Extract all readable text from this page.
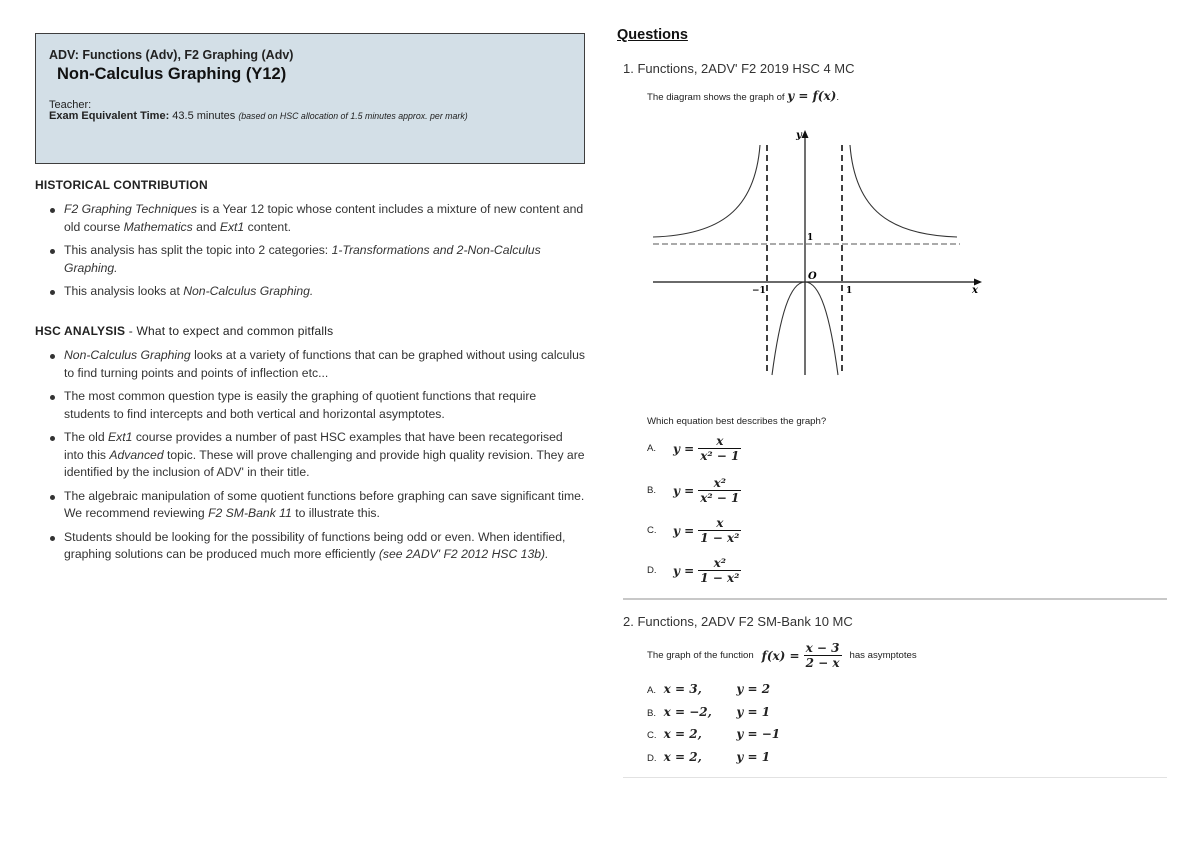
ADV: Functions (Adv), F2 Graphing (Adv)
Non-Calculus Graphing (Y12)
Teacher:
Exam Equivalent Time: 43.5 minutes (based on HSC allocation of 1.5 minutes approx. per mark)
HISTORICAL CONTRIBUTION
F2 Graphing Techniques is a Year 12 topic whose content includes a mixture of new content and old course Mathematics and Ext1 content.
This analysis has split the topic into 2 categories: 1-Transformations and 2-Non-Calculus Graphing.
This analysis looks at Non-Calculus Graphing.
HSC ANALYSIS - What to expect and common pitfalls
Non-Calculus Graphing looks at a variety of functions that can be graphed without using calculus to find turning points and points of inflection etc...
The most common question type is easily the graphing of quotient functions that require students to find intercepts and both vertical and horizontal asymptotes.
The old Ext1 course provides a number of past HSC examples that have been recategorised into this Advanced topic. These will prove challenging and provide high quality revision. They are identified by the inclusion of ADV' in their title.
The algebraic manipulation of some quotient functions before graphing can save significant time. We recommend reviewing F2 SM-Bank 11 to illustrate this.
Students should be looking for the possibility of functions being odd or even. When identified, graphing solutions can be produced much more efficiently (see 2ADV' F2 2012 HSC 13b).
Questions
1. Functions, 2ADV' F2 2019 HSC 4 MC
The diagram shows the graph of y = f(x).
y
x
O
1
−1	1
Which equation best describes the graph?
A.	$y = \frac{x}{\text{x² − 1}}$
B.	$y = \frac{\text{x²}}{\text{x² − 1}}$
C.	$y = \frac{x}{\text{1 − x²}}$
D.	$y = \frac{\text{x²}}{\text{1 − x²}}$
2. Functions, 2ADV F2 SM-Bank 10 MC
The graph of the function $f(x) = \frac{x - 3}{2 - x}$ has asymptotes
A. x = 3,	y = 2
B. x = −2, y = 1
C. x = 2,	y = −1
D. x = 2,	y = 1
